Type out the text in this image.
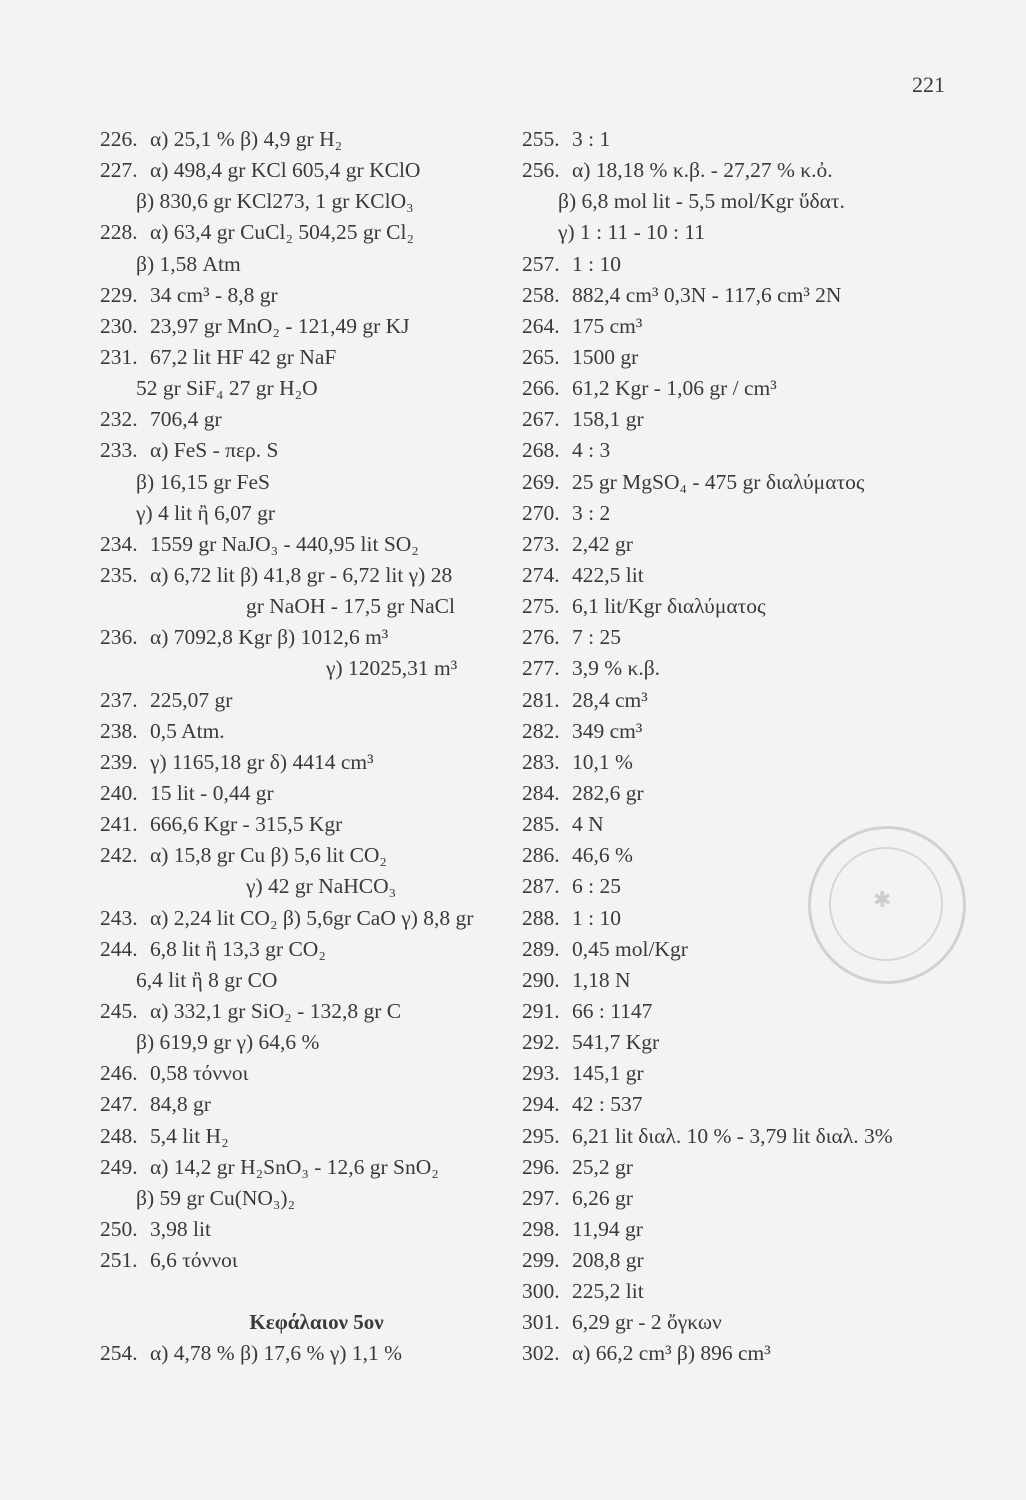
221
226. α) 25,1 % β) 4,9 gr H₂
227. α) 498,4 gr KCl 605,4 gr KClO
β) 830,6 gr KCl273, 1 gr KClO₃
228. α) 63,4 gr CuCl₂ 504,25 gr Cl₂
β) 1,58 Atm
229. 34 cm³ - 8,8 gr
230. 23,97 gr MnO₂ - 121,49 gr KJ
231. 67,2 lit HF 42 gr NaF
52 gr SiF₄ 27 gr H₂O
232. 706,4 gr
233. α) FeS - περ. S
β) 16,15 gr FeS
γ) 4 lit ἢ 6,07 gr
234. 1559 gr NaJO₃ - 440,95 lit SO₂
235. α) 6,72 lit β) 41,8 gr - 6,72 lit γ) 28
gr NaOH - 17,5 gr NaCl
236. α) 7092,8 Kgr β) 1012,6 m³
γ) 12025,31 m³
237. 225,07 gr
238. 0,5 Atm.
239. γ) 1165,18 gr δ) 4414 cm³
240. 15 lit - 0,44 gr
241. 666,6 Kgr - 315,5 Kgr
242. α) 15,8 gr Cu β) 5,6 lit CO₂
γ) 42 gr NaHCO₃
243. α) 2,24 lit CO₂ β) 5,6gr CaO γ) 8,8 gr
244. 6,8 lit ἢ 13,3 gr CO₂
6,4 lit ἢ 8 gr CO
245. α) 332,1 gr SiO₂ - 132,8 gr C
β) 619,9 gr γ) 64,6 %
246. 0,58 τόννοι
247. 84,8 gr
248. 5,4 lit H₂
249. α) 14,2 gr H₂SnO₃ - 12,6 gr SnO₂
β) 59 gr Cu(NO₃)₂
250. 3,98 lit
251. 6,6 τόννοι
Κεφάλαιον 5ον
254. α) 4,78 % β) 17,6 % γ) 1,1 %
255. 3 : 1
256. α) 18,18 % κ.β. - 27,27 % κ.ὀ.
β) 6,8 mol lit - 5,5 mol/Kgr ὕδατ.
γ) 1 : 11 - 10 : 11
257. 1 : 10
258. 882,4 cm³ 0,3N - 117,6 cm³ 2N
264. 175 cm³
265. 1500 gr
266. 61,2 Kgr - 1,06 gr / cm³
267. 158,1 gr
268. 4 : 3
269. 25 gr MgSO₄ - 475 gr διαλύματος
270. 3 : 2
273. 2,42 gr
274. 422,5 lit
275. 6,1 lit/Kgr διαλύματος
276. 7 : 25
277. 3,9 % κ.β.
281. 28,4 cm³
282. 349 cm³
283. 10,1 %
284. 282,6 gr
285. 4 N
286. 46,6 %
287. 6 : 25
288. 1 : 10
289. 0,45 mol/Kgr
290. 1,18 N
291. 66 : 1147
292. 541,7 Kgr
293. 145,1 gr
294. 42 : 537
295. 6,21 lit διαλ. 10 % - 3,79 lit διαλ. 3%
296. 25,2 gr
297. 6,26 gr
298. 11,94 gr
299. 208,8 gr
300. 225,2 lit
301. 6,29 gr - 2 ὄγκων
302. α) 66,2 cm³ β) 896 cm³
✱
